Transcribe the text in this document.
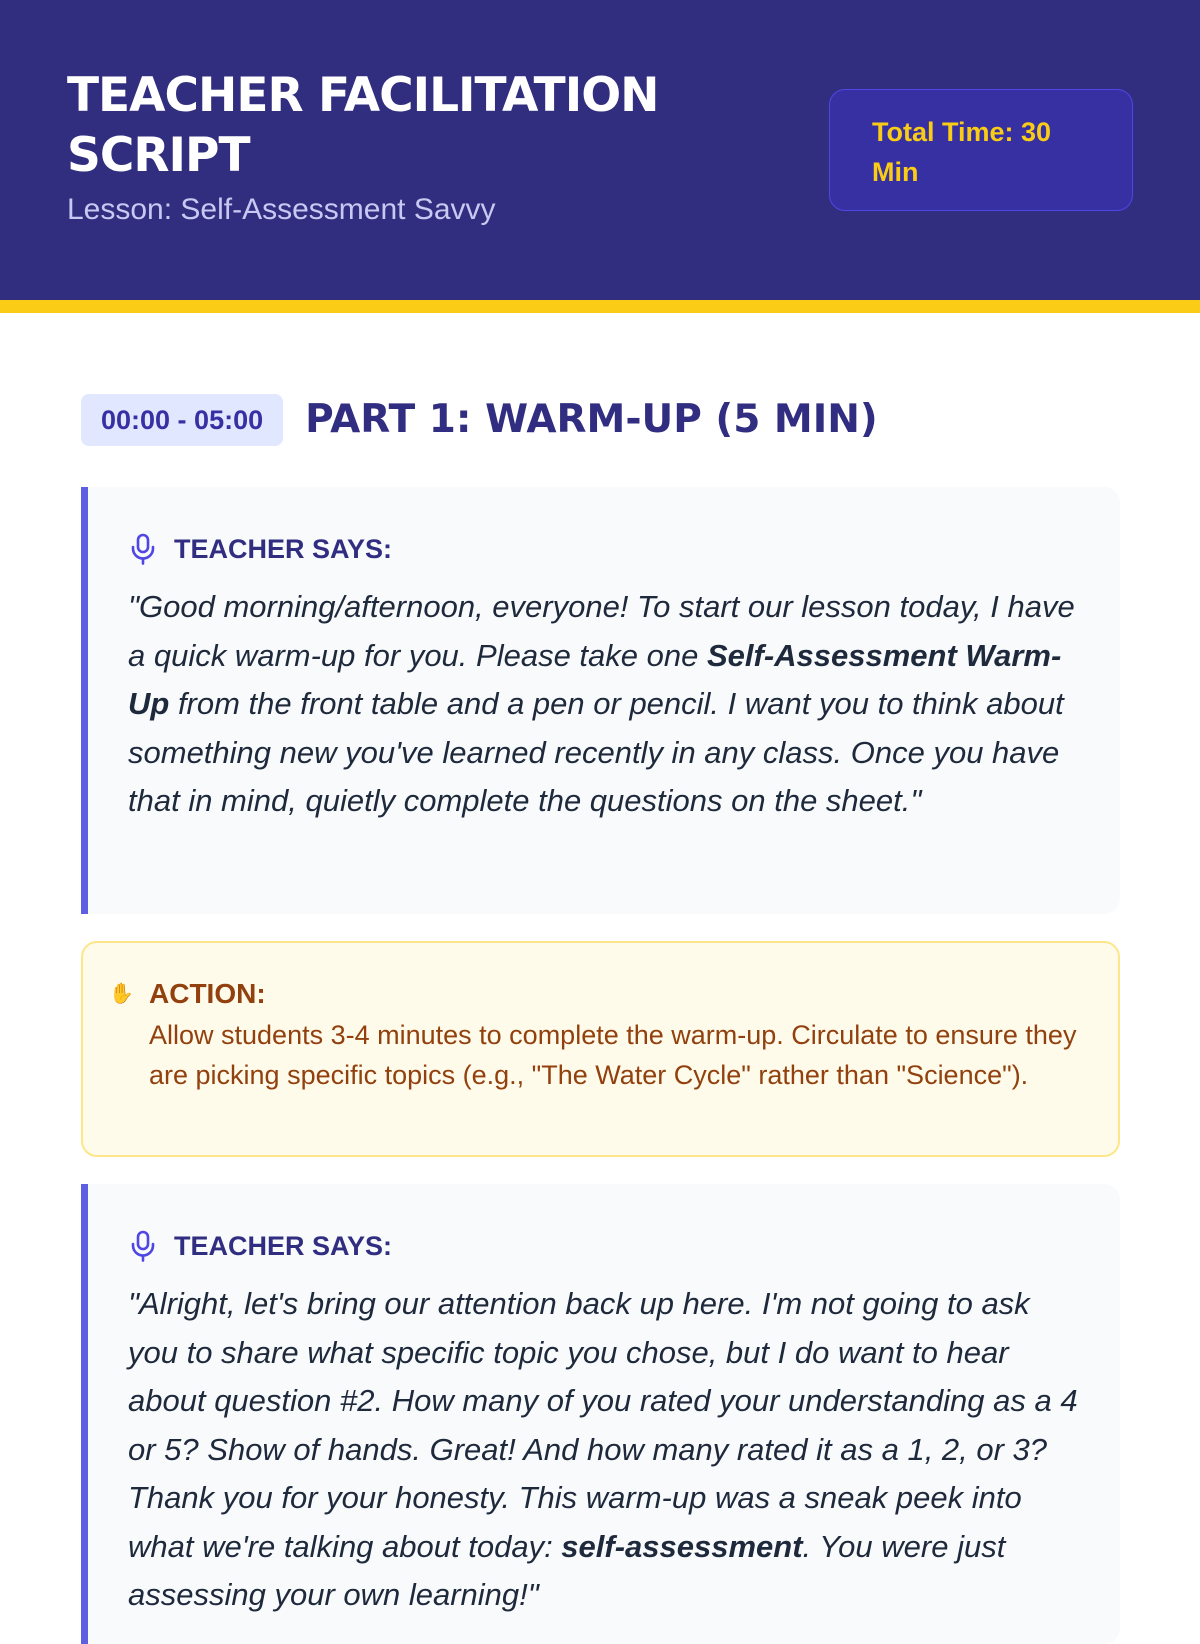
TEACHER FACILITATION SCRIPT
Lesson: Self-Assessment Savvy
Total Time: 30 Min
00:00 - 05:00	PART 1: WARM-UP (5 MIN)
TEACHER SAYS:

"Good morning/afternoon, everyone! To start our lesson today, I have a quick warm-up for you. Please take one Self-Assessment Warm-Up from the front table and a pen or pencil. I want you to think about something new you've learned recently in any class. Once you have that in mind, quietly complete the questions on the sheet."

✋ ACTION:

Allow students 3-4 minutes to complete the warm-up. Circulate to ensure they are picking specific topics (e.g., "The Water Cycle" rather than "Science").

TEACHER SAYS:

"Alright, let's bring our attention back up here. I'm not going to ask you to share what specific topic you chose, but I do want to hear about question #2. How many of you rated your understanding as a 4 or 5? Show of hands. Great! And how many rated it as a 1, 2, or 3? Thank you for your honesty. This warm-up was a sneak peek into what we're talking about today: self-assessment. You were just assessing your own learning!"
